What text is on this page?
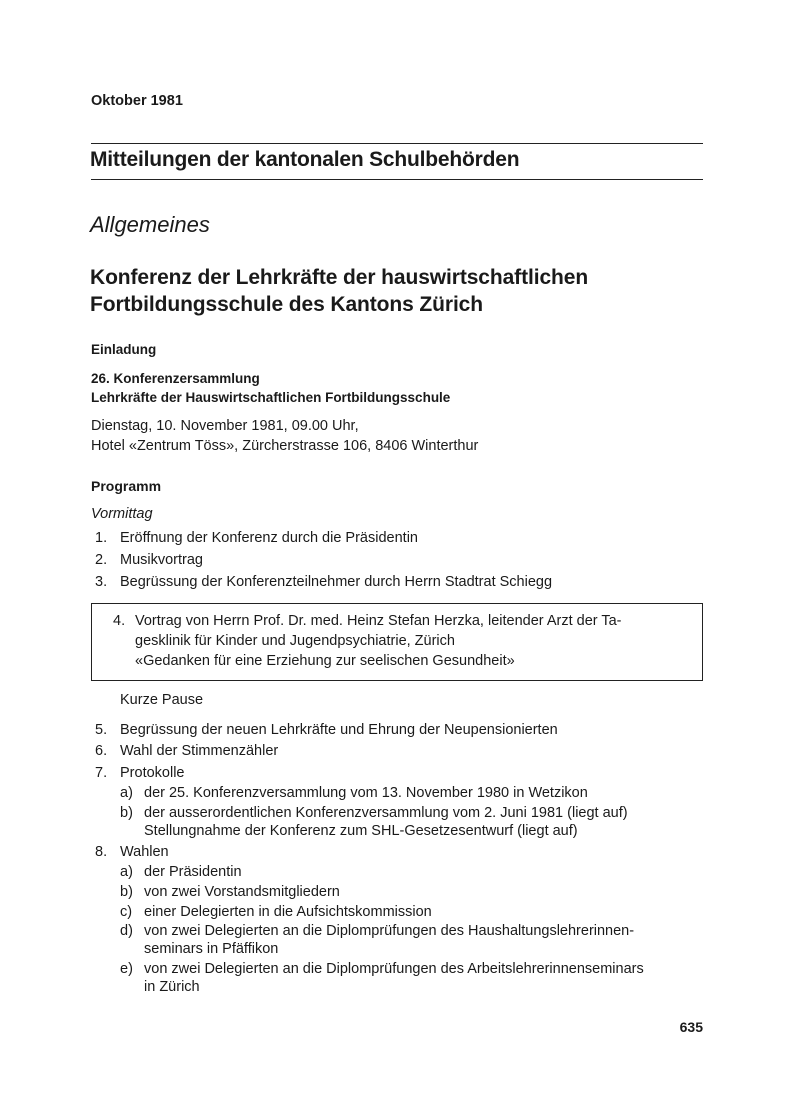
Oktober 1981
Mitteilungen der kantonalen Schulbehörden
Allgemeines
Konferenz der Lehrkräfte der hauswirtschaftlichen
Fortbildungsschule des Kantons Zürich
Einladung
26. Konferenzersammlung
Lehrkräfte der Hauswirtschaftlichen Fortbildungsschule
Dienstag, 10. November 1981, 09.00 Uhr,
Hotel «Zentrum Töss», Zürcherstrasse 106, 8406 Winterthur
Programm
Vormittag
1. Eröffnung der Konferenz durch die Präsidentin
2. Musikvortrag
3. Begrüssung der Konferenzteilnehmer durch Herrn Stadtrat Schiegg
4. Vortrag von Herrn Prof. Dr. med. Heinz Stefan Herzka, leitender Arzt der Ta-
gesklinik für Kinder und Jugendpsychiatrie, Zürich
«Gedanken für eine Erziehung zur seelischen Gesundheit»
Kurze Pause
5. Begrüssung der neuen Lehrkräfte und Ehrung der Neupensionierten
6. Wahl der Stimmenzähler
7. Protokolle
a) der 25. Konferenzversammlung vom 13. November 1980 in Wetzikon
b) der ausserordentlichen Konferenzversammlung vom 2. Juni 1981 (liegt auf)
Stellungnahme der Konferenz zum SHL-Gesetzesentwurf (liegt auf)
8. Wahlen
a) der Präsidentin
b) von zwei Vorstandsmitgliedern
c) einer Delegierten in die Aufsichtskommission
d) von zwei Delegierten an die Diplomprüfungen des Haushaltungslehrerinnen-
seminars in Pfäffikon
e) von zwei Delegierten an die Diplomprüfungen des Arbeitslehrerinnenseminars
in Zürich
635
